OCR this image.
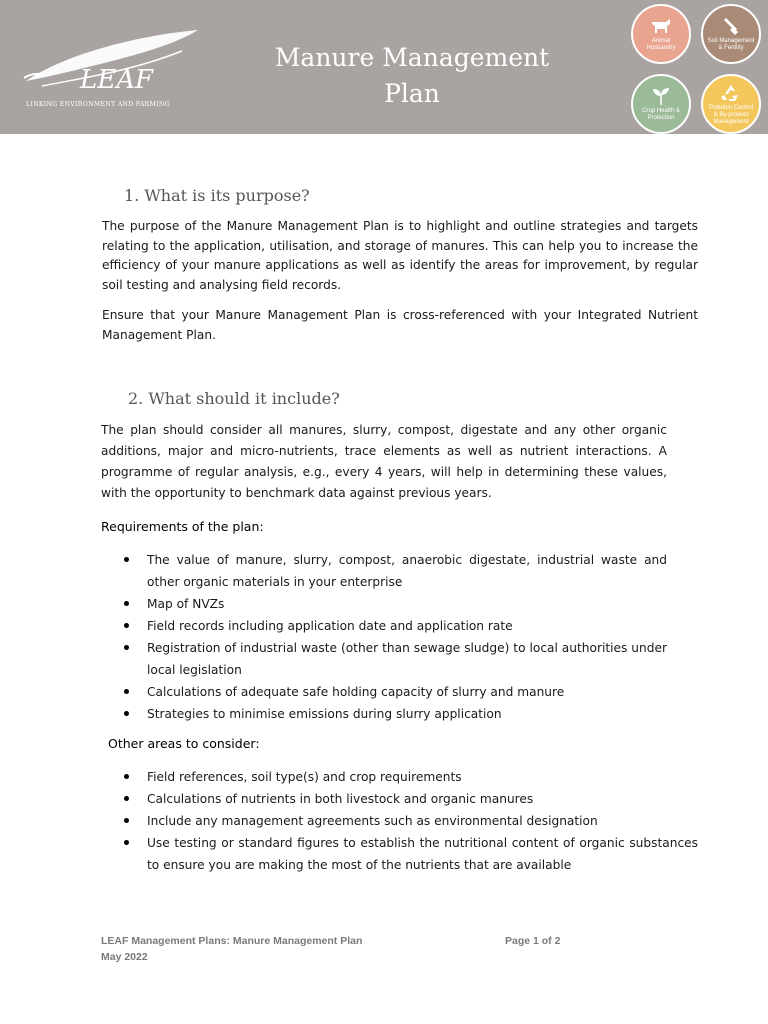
LEAF
LINKING ENVIRONMENT AND FARMING
Manure Management
Plan
Animal Husbandry
Soil Management & Fertility
Crop Health & Protection
Pollution Control & By-product Management
1. What is its purpose?

The purpose of the Manure Management Plan is to highlight and outline strategies and targets relating to the application, utilisation, and storage of manures. This can help you to increase the efficiency of your manure applications as well as identify the areas for improvement, by regular soil testing and analysing field records.

Ensure that your Manure Management Plan is cross-referenced with your Integrated Nutrient Management Plan.

2. What should it include?

The plan should consider all manures, slurry, compost, digestate and any other organic additions, major and micro-nutrients, trace elements as well as nutrient interactions. A programme of regular analysis, e.g., every 4 years, will help in determining these values, with the opportunity to benchmark data against previous years.

Requirements of the plan:
The value of manure, slurry, compost, anaerobic digestate, industrial waste and other organic materials in your enterprise
Map of NVZs
Field records including application date and application rate
Registration of industrial waste (other than sewage sludge) to local authorities under local legislation
Calculations of adequate safe holding capacity of slurry and manure
Strategies to minimise emissions during slurry application
Other areas to consider:
Field references, soil type(s) and crop requirements
Calculations of nutrients in both livestock and organic manures
Include any management agreements such as environmental designation
Use testing or standard figures to establish the nutritional content of organic substances to ensure you are making the most of the nutrients that are available
LEAF Management Plans: Manure Management Plan
May 2022
Page 1 of 2
